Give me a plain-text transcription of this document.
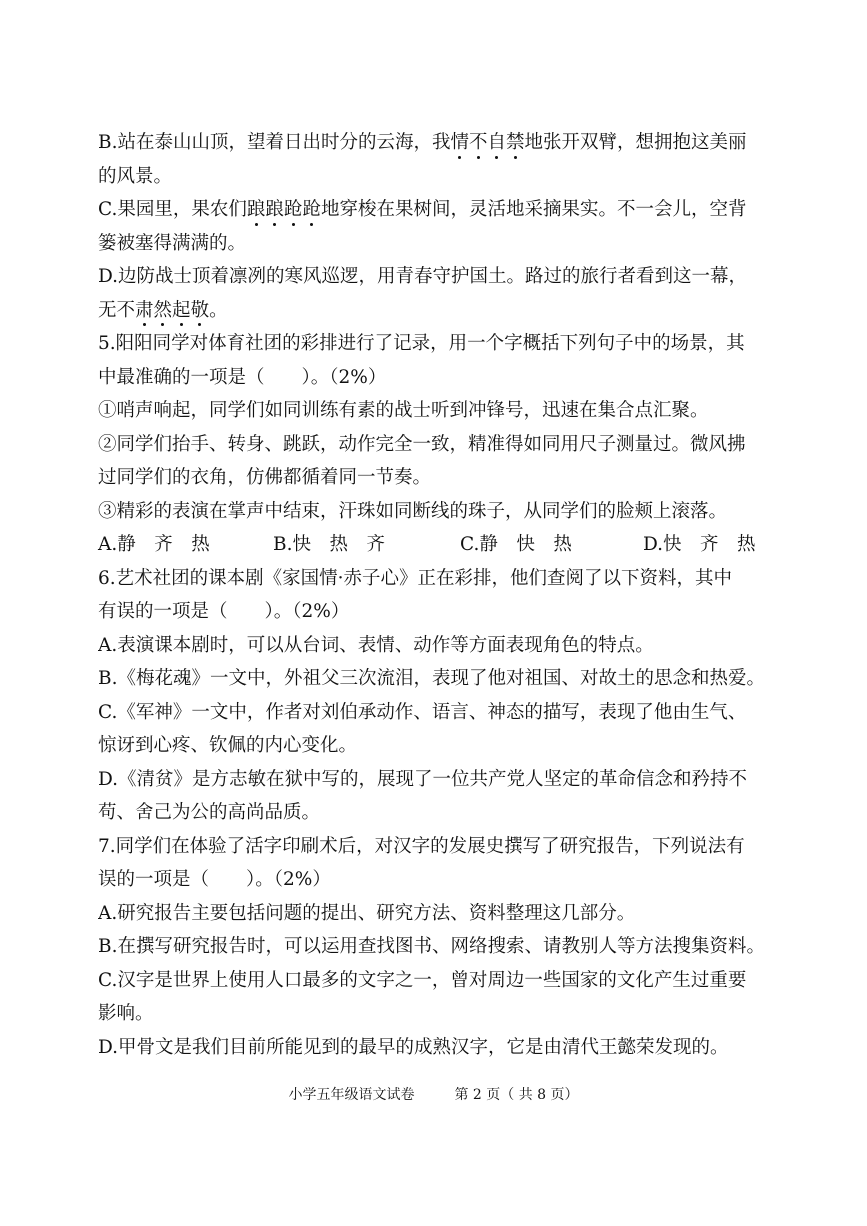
B.站在泰山山顶，望着日出时分的云海，我情不自禁地张开双臂，想拥抱这美丽
的风景。
C.果园里，果农们踉踉跄跄地穿梭在果树间，灵活地采摘果实。不一会儿，空背
篓被塞得满满的。
D.边防战士顶着凛冽的寒风巡逻，用青春守护国土。路过的旅行者看到这一幕，
无不肃然起敬。
5.阳阳同学对体育社团的彩排进行了记录，用一个字概括下列句子中的场景，其
中最准确的一项是（　　）。（2%）
①哨声响起，同学们如同训练有素的战士听到冲锋号，迅速在集合点汇聚。
②同学们抬手、转身、跳跃，动作完全一致，精准得如同用尺子测量过。微风拂
过同学们的衣角，仿佛都循着同一节奏。
③精彩的表演在掌声中结束，汗珠如同断线的珠子，从同学们的脸颊上滚落。
A.静　齐　热	B.快　热　齐	C.静　快　热	D.快　齐　热
6.艺术社团的课本剧《家国情·赤子心》正在彩排，他们查阅了以下资料，其中
有误的一项是（　　）。（2%）
A.表演课本剧时，可以从台词、表情、动作等方面表现角色的特点。
B.《梅花魂》一文中，外祖父三次流泪，表现了他对祖国、对故土的思念和热爱。
C.《军神》一文中，作者对刘伯承动作、语言、神态的描写，表现了他由生气、
惊讶到心疼、钦佩的内心变化。
D.《清贫》是方志敏在狱中写的，展现了一位共产党人坚定的革命信念和矜持不
苟、舍己为公的高尚品质。
7.同学们在体验了活字印刷术后，对汉字的发展史撰写了研究报告，下列说法有
误的一项是（　　）。（2%）
A.研究报告主要包括问题的提出、研究方法、资料整理这几部分。
B.在撰写研究报告时，可以运用查找图书、网络搜索、请教别人等方法搜集资料。
C.汉字是世界上使用人口最多的文字之一，曾对周边一些国家的文化产生过重要
影响。
D.甲骨文是我们目前所能见到的最早的成熟汉字，它是由清代王懿荣发现的。
小学五年级语文试卷	第 2 页（ 共 8 页）
